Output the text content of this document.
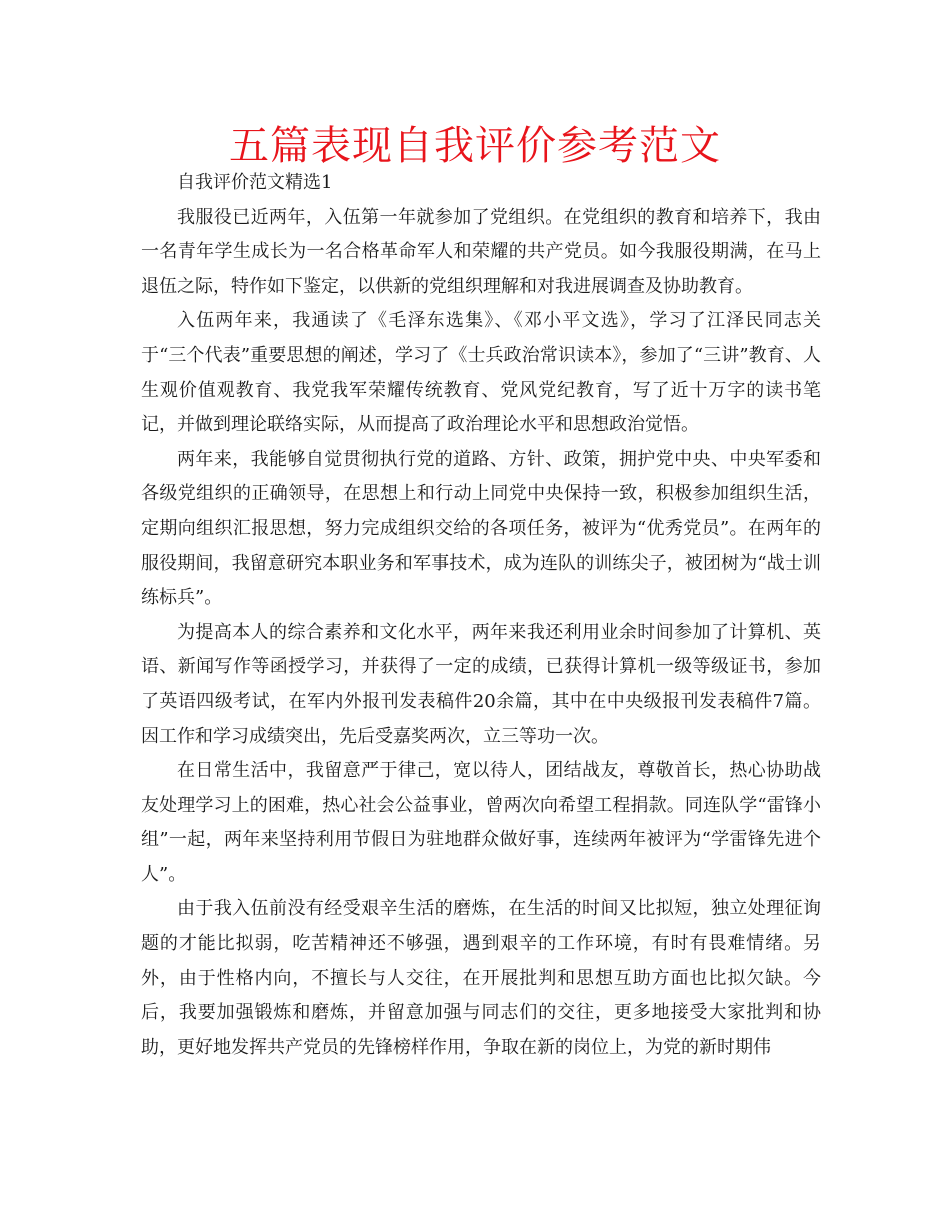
五篇表现自我评价参考范文

自我评价范文精选1

我服役已近两年，入伍第一年就参加了党组织。在党组织的教育和培养下，我由一名青年学生成长为一名合格革命军人和荣耀的共产党员。如今我服役期满，在马上退伍之际，特作如下鉴定，以供新的党组织理解和对我进展调查及协助教育。

入伍两年来，我通读了《毛泽东选集》、《邓小平文选》，学习了江泽民同志关于“三个代表”重要思想的阐述，学习了《士兵政治常识读本》，参加了“三讲”教育、人生观价值观教育、我党我军荣耀传统教育、党风党纪教育，写了近十万字的读书笔记，并做到理论联络实际，从而提高了政治理论水平和思想政治觉悟。

两年来，我能够自觉贯彻执行党的道路、方针、政策，拥护党中央、中央军委和各级党组织的正确领导，在思想上和行动上同党中央保持一致，积极参加组织生活，定期向组织汇报思想，努力完成组织交给的各项任务，被评为“优秀党员”。在两年的服役期间，我留意研究本职业务和军事技术，成为连队的训练尖子，被团树为“战士训练标兵”。

为提高本人的综合素养和文化水平，两年来我还利用业余时间参加了计算机、英语、新闻写作等函授学习，并获得了一定的成绩，已获得计算机一级等级证书，参加了英语四级考试，在军内外报刊发表稿件20余篇，其中在中央级报刊发表稿件7篇。因工作和学习成绩突出，先后受嘉奖两次，立三等功一次。

在日常生活中，我留意严于律己，宽以待人，团结战友，尊敬首长，热心协助战友处理学习上的困难，热心社会公益事业，曾两次向希望工程捐款。同连队学“雷锋小组”一起，两年来坚持利用节假日为驻地群众做好事，连续两年被评为“学雷锋先进个人”。

由于我入伍前没有经受艰辛生活的磨炼，在生活的时间又比拟短，独立处理征询题的才能比拟弱，吃苦精神还不够强，遇到艰辛的工作环境，有时有畏难情绪。另外，由于性格内向，不擅长与人交往，在开展批判和思想互助方面也比拟欠缺。今后，我要加强锻炼和磨炼，并留意加强与同志们的交往，更多地接受大家批判和协助，更好地发挥共产党员的先锋榜样作用，争取在新的岗位上，为党的新时期伟
